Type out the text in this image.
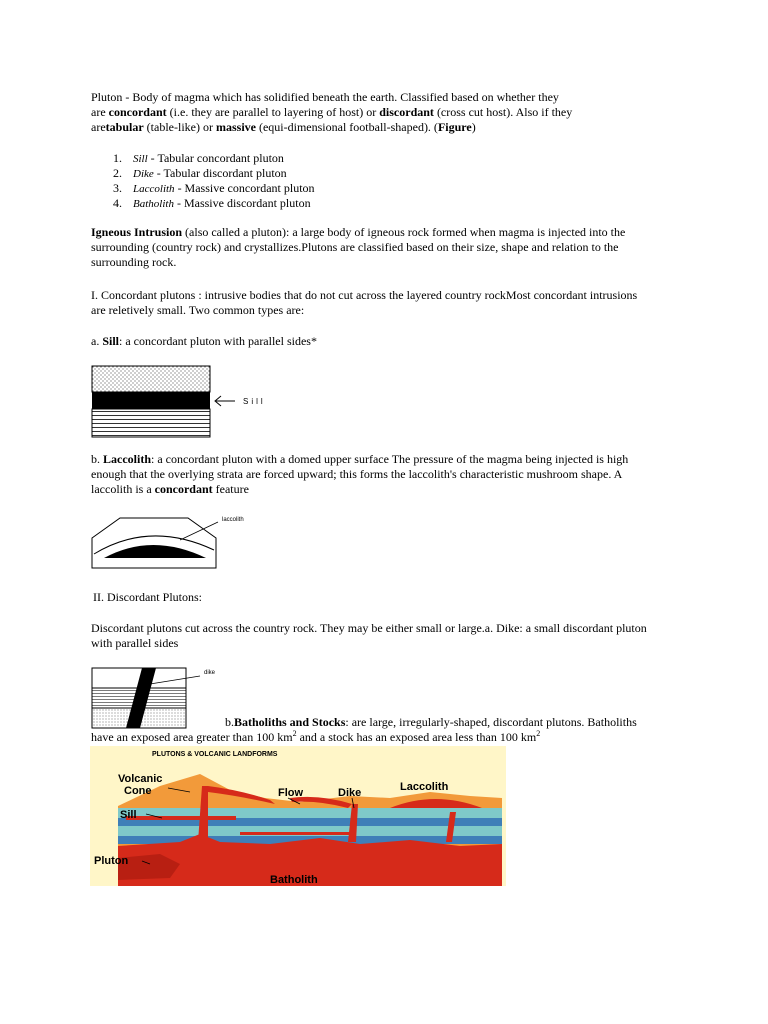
Pluton - Body of magma which has solidified beneath the earth. Classified based on whether they
are concordant (i.e. they are parallel to layering of host) or discordant (cross cut host). Also if they
aretabular (table-like) or massive (equi-dimensional football-shaped). (Figure)

1. Sill - Tabular concordant pluton
2. Dike - Tabular discordant pluton
3. Laccolith - Massive concordant pluton
4. Batholith - Massive discordant pluton

Igneous Intrusion (also called a pluton): a large body of igneous rock formed when magma is injected into the
surrounding (country rock) and crystallizes.Plutons are classified based on their size, shape and relation to the
surrounding rock.

I. Concordant plutons : intrusive bodies that do not cut across the layered country rockMost concordant intrusions
are reletively small. Two common types are:

a. Sill: a concordant pluton with parallel sides*

b. Laccolith: a concordant pluton with a domed upper surface The pressure of the magma being injected is high
enough that the overlying strata are forced upward; this forms the laccolith's characteristic mushroom shape. A
laccolith is a concordant feature

II. Discordant Plutons:

Discordant plutons cut across the country rock. They may be either small or large.a. Dike: a small discordant pluton
with parallel sides

b.Batholiths and Stocks: are large, irregularly-shaped, discordant plutons. Batholiths

have an exposed area greater than 100 $km^2$ and a stock has an exposed area less than 100 $km^2$

Sill
laccolith
dike
PLUTONS & VOLCANIC LANDFORMS
Volcanic
Cone	Flow	Dike	Laccolith
Sill
Pluton
Batholith
